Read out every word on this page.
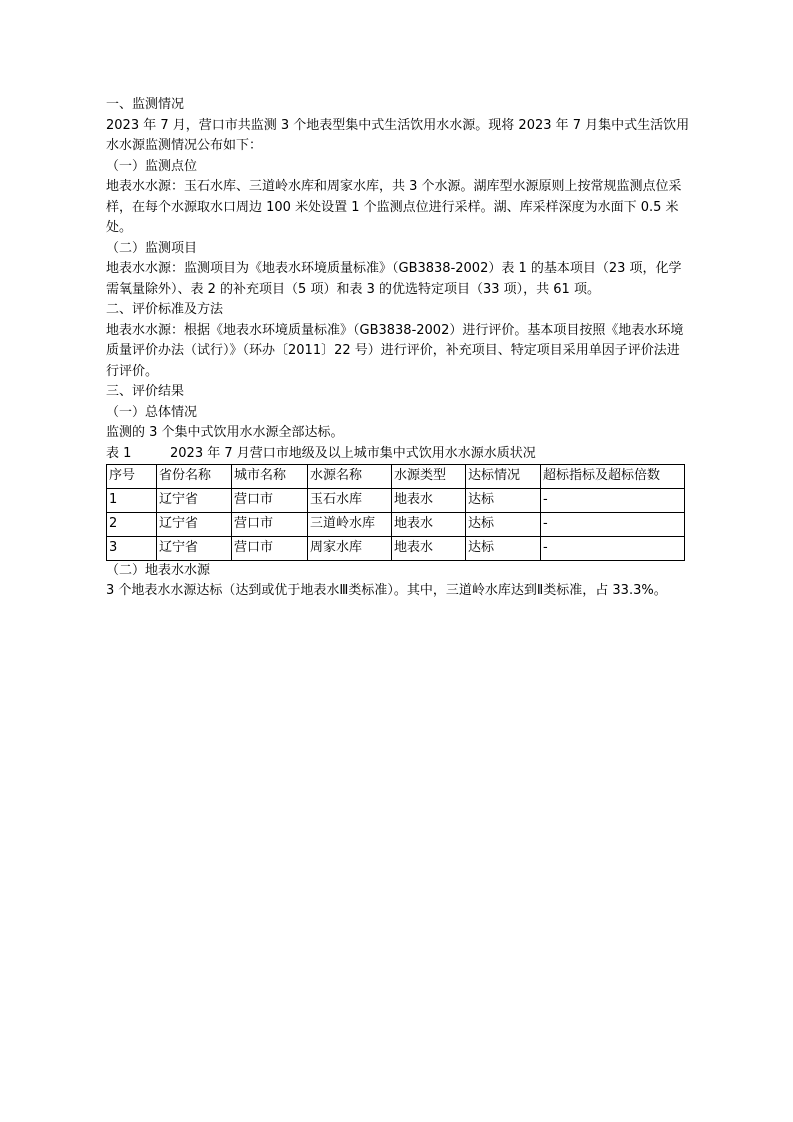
一、监测情况

2023 年 7 月，营口市共监测 3 个地表型集中式生活饮用水水源。现将 2023 年 7 月集中式生活饮用水水源监测情况公布如下：

（一）监测点位

地表水水源：玉石水库、三道岭水库和周家水库，共 3 个水源。湖库型水源原则上按常规监测点位采样，在每个水源取水口周边 100 米处设置 1 个监测点位进行采样。湖、库采样深度为水面下 0.5 米处。

（二）监测项目

地表水水源：监测项目为《地表水环境质量标准》（GB3838-2002）表 1 的基本项目（23 项，化学需氧量除外）、表 2 的补充项目（5 项）和表 3 的优选特定项目（33 项），共 61 项。

二、评价标准及方法

地表水水源：根据《地表水环境质量标准》（GB3838-2002）进行评价。基本项目按照《地表水环境质量评价办法（试行）》（环办〔2011〕22 号）进行评价，补充项目、特定项目采用单因子评价法进行评价。

三、评价结果

（一）总体情况

监测的 3 个集中式饮用水水源全部达标。

表 1	2023 年 7 月营口市地级及以上城市集中式饮用水水源水质状况
序号	省份名称	城市名称	水源名称	水源类型	达标情况	超标指标及超标倍数
1	辽宁省	营口市	玉石水库	地表水	达标	-
2	辽宁省	营口市	三道岭水库	地表水	达标	-
3	辽宁省	营口市	周家水库	地表水	达标	-

（二）地表水水源

3 个地表水水源达标（达到或优于地表水Ⅲ类标准）。其中，三道岭水库达到Ⅱ类标准，占 33.3%。
